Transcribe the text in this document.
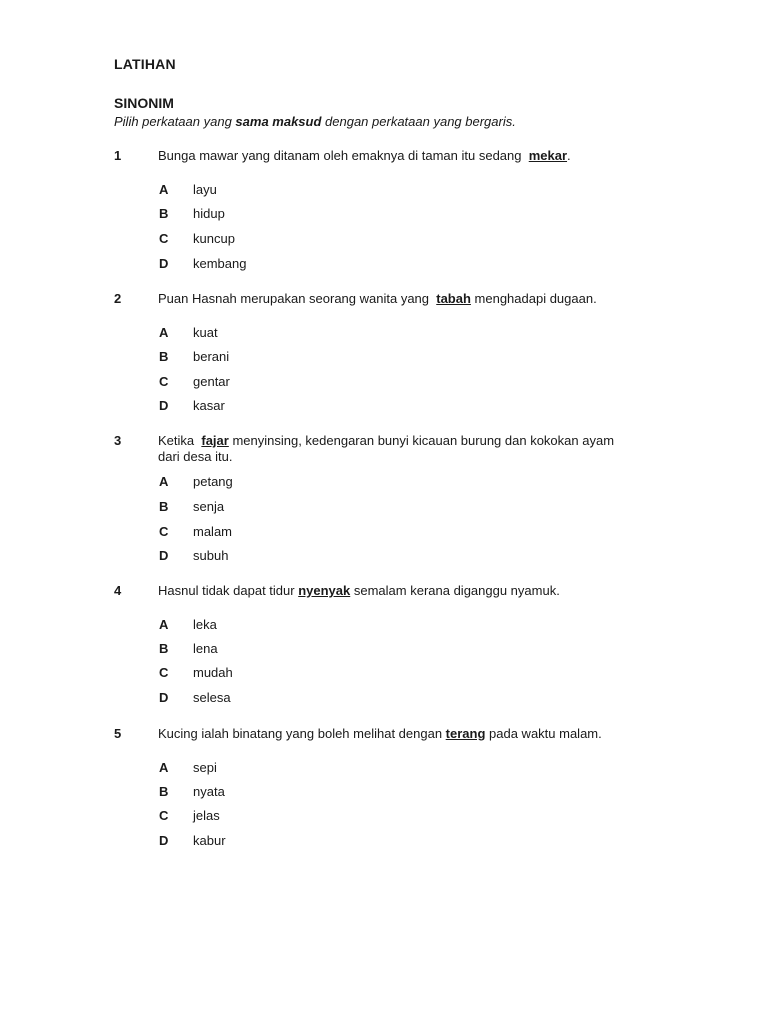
LATIHAN
SINONIM
Pilih perkataan yang sama maksud dengan perkataan yang bergaris.
1	Bunga mawar yang ditanam oleh emaknya di taman itu sedang  mekar.
A layu
B hidup
C kuncup
D kembang
2	Puan Hasnah merupakan seorang wanita yang  tabah menghadapi dugaan.
A kuat
B berani
C gentar
D kasar
3	Ketika  fajar menyinsing, kedengaran bunyi kicauan burung dan kokokan ayam dari desa itu.
A petang
B senja
C malam
D subuh
4	Hasnul tidak dapat tidur nyenyak semalam kerana diganggu nyamuk.
A leka
B lena
C mudah
D selesa
5	Kucing ialah binatang yang boleh melihat dengan terang pada waktu malam.
A sepi
B nyata
C jelas
D kabur
